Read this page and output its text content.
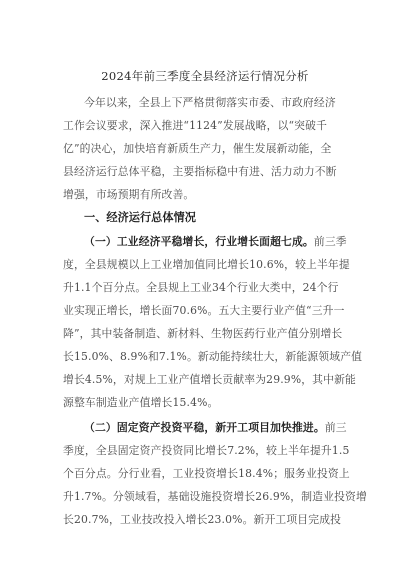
2024年前三季度全县经济运行情况分析
今年以来，全县上下严格贯彻落实市委、市政府经济
工作会议要求，深入推进“1124”发展战略，以“突破千
亿”的决心，加快培育新质生产力，催生发展新动能，全
县经济运行总体平稳，主要指标稳中有进、活力动力不断
增强，市场预期有所改善。
一、经济运行总体情况
（一）工业经济平稳增长，行业增长面超七成。前三季
度，全县规模以上工业增加值同比增长10.6%，较上半年提
升1.1个百分点。全县规上工业34个行业大类中，24个行
业实现正增长，增长面70.6%。五大主要行业产值“三升一
降”，其中装备制造、新材料、生物医药行业产值分别增长
长15.0%、8.9%和7.1%。新动能持续壮大，新能源领域产值
增长4.5%，对规上工业产值增长贡献率为29.9%，其中新能
源整车制造业产值增长15.4%。
（二）固定资产投资平稳，新开工项目加快推进。前三
季度，全县固定资产投资同比增长7.2%，较上半年提升1.5
个百分点。分行业看，工业投资增长18.4%；服务业投资上
升1.7%。分领域看，基础设施投资增长26.9%，制造业投资增
长20.7%，工业技改投入增长23.0%。新开工项目完成投
